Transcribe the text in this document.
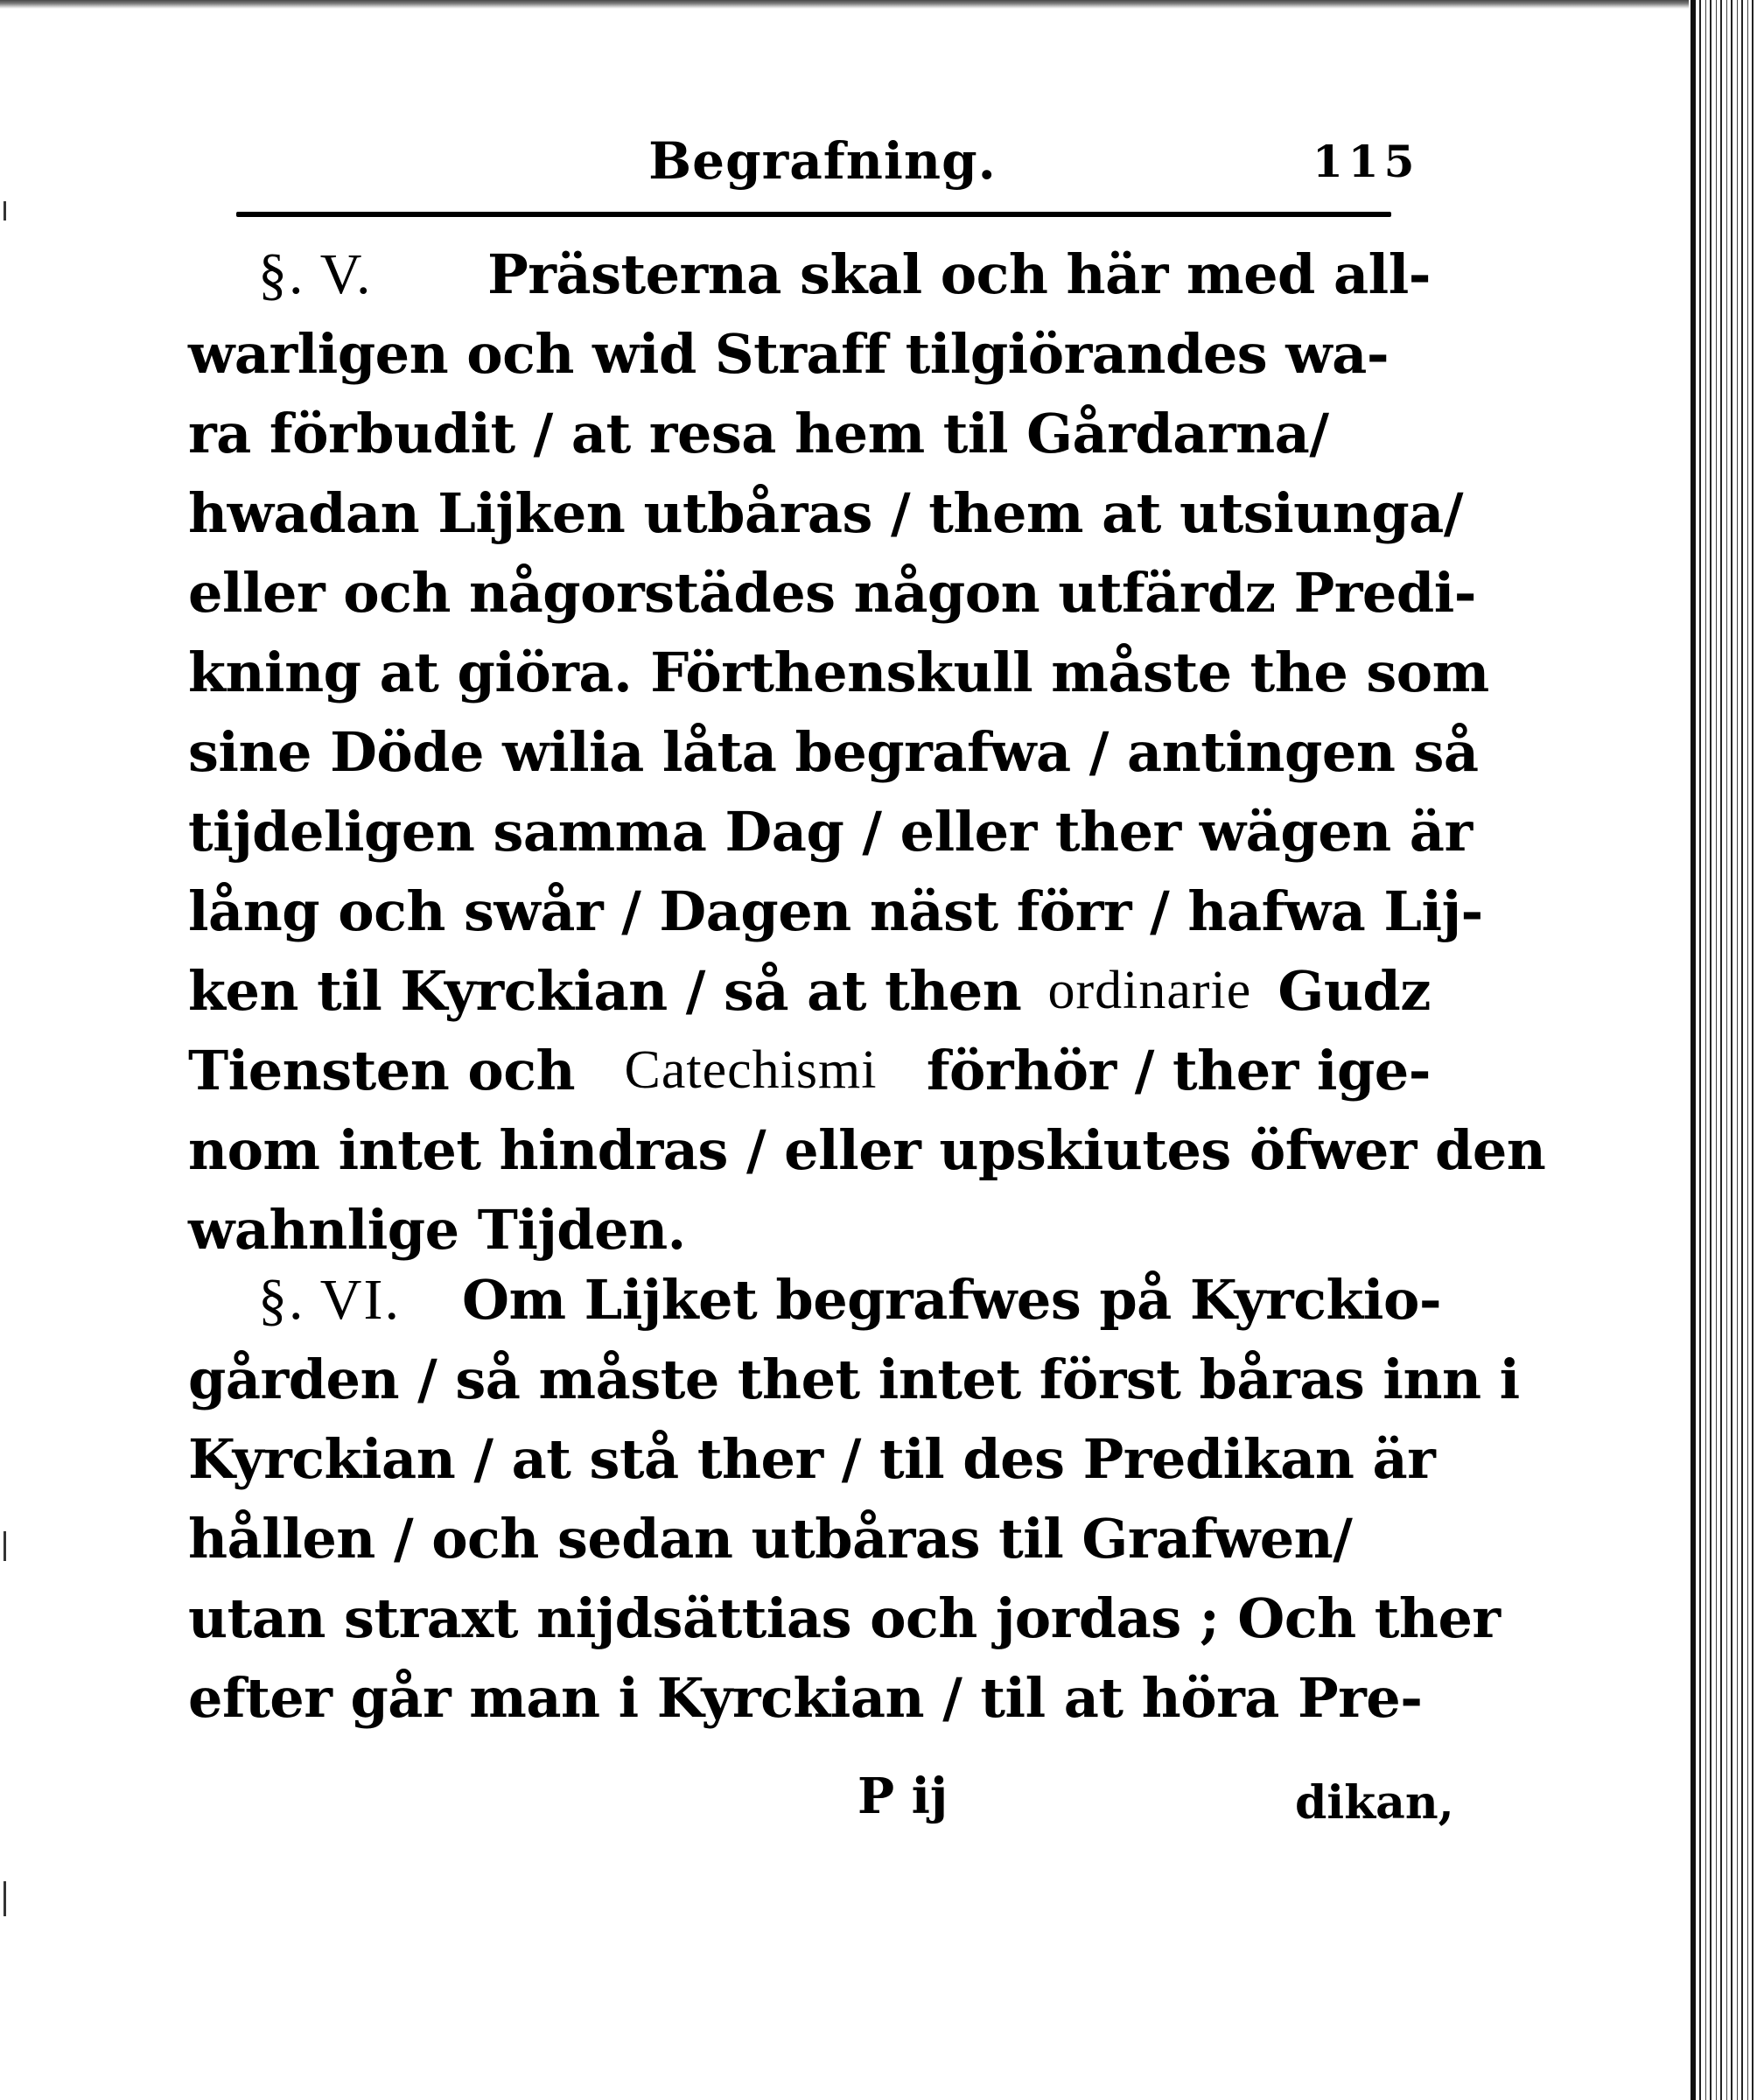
Begrafning.	115
§. V. Prästerna skal och här med all-
warligen och wid Straff tilgiörandes wa-
ra förbudit / at resa hem til Gårdarna/
hwadan Lijken utbåras / them at utsiunga/
eller och någorstädes någon utfärdz Predi-
kning at giöra. Förthenskull måste the som
sine Döde wilia låta begrafwa / antingen så
tijdeligen samma Dag / eller ther wägen är
lång och swår / Dagen näst förr / hafwa Lij-
ken til Kyrckian / så at then ordinarie Gudz
Tiensten och Catechismi förhör / ther ige-
nom intet hindras / eller upskiutes öfwer den
wahnlige Tijden.
§. VI. Om Lijket begrafwes på Kyrckio-
gården / så måste thet intet först båras inn i
Kyrckian / at stå ther / til des Predikan är
hållen / och sedan utbåras til Grafwen/
utan straxt nijdsättias och jordas ; Och ther
efter går man i Kyrckian / til at höra Pre-
P ij	dikan,
